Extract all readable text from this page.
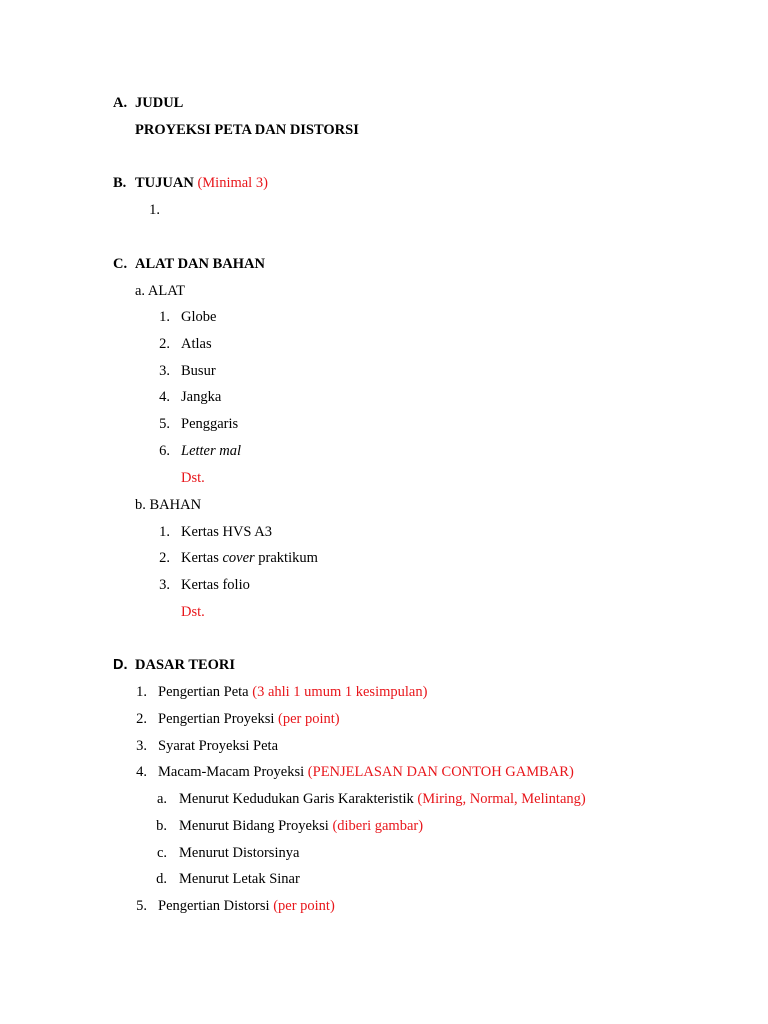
A. JUDUL
PROYEKSI PETA DAN DISTORSI
B. TUJUAN (Minimal 3)
1.
C. ALAT DAN BAHAN
a. ALAT
1. Globe
2. Atlas
3. Busur
4. Jangka
5. Penggaris
6. Letter mal
Dst.
b. BAHAN
1. Kertas HVS A3
2. Kertas cover praktikum
3. Kertas folio
Dst.
D. DASAR TEORI
1. Pengertian Peta (3 ahli 1 umum 1 kesimpulan)
2. Pengertian Proyeksi (per point)
3. Syarat Proyeksi Peta
4. Macam-Macam Proyeksi (PENJELASAN DAN CONTOH GAMBAR)
a. Menurut Kedudukan Garis Karakteristik (Miring, Normal, Melintang)
b. Menurut Bidang Proyeksi (diberi gambar)
c. Menurut Distorsinya
d. Menurut Letak Sinar
5. Pengertian Distorsi (per point)
